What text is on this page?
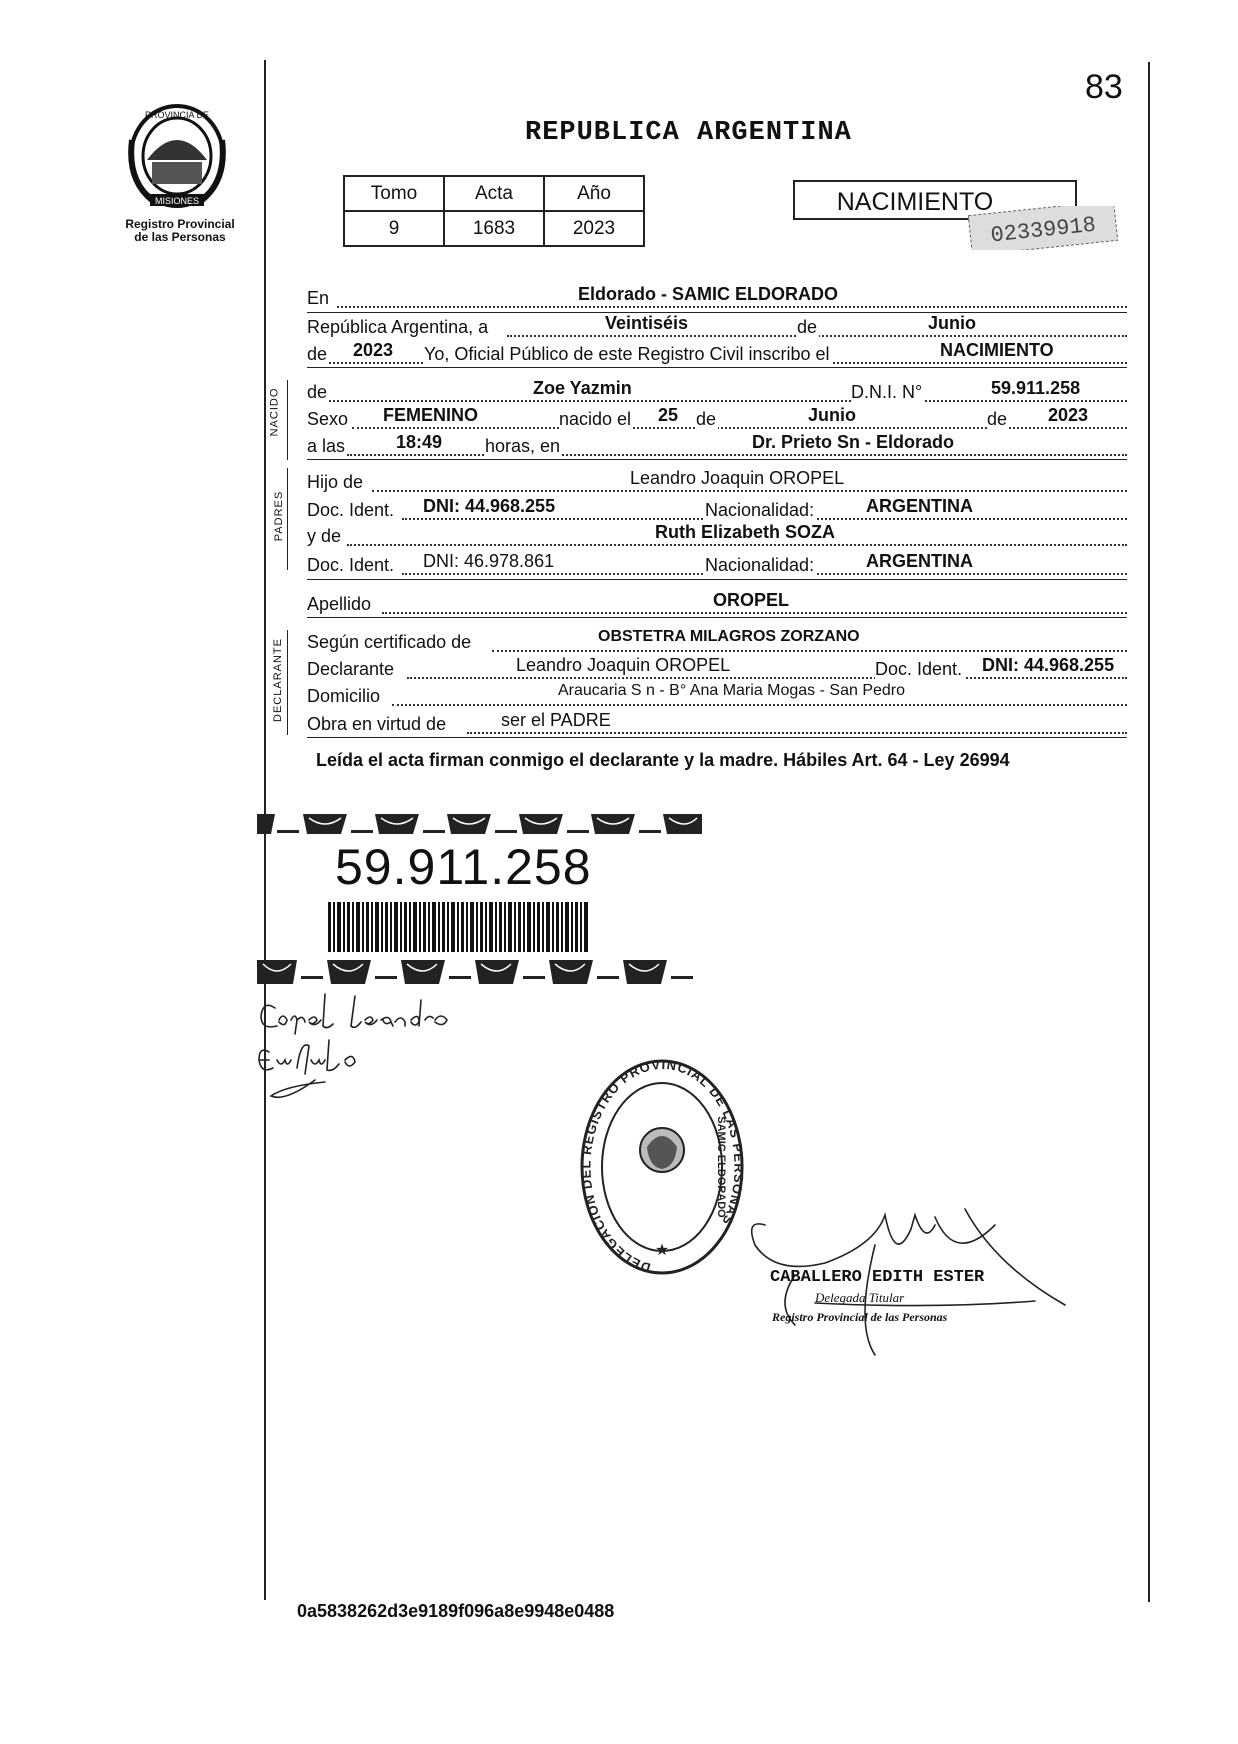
83
REPUBLICA ARGENTINA
PROVINCIA DE
MISIONES
Registro Provincial
de las Personas
Tomo	Acta	Año
9	1683	2023
NACIMIENTO
02339918
NACIDO
PADRES
DECLARANTE
En	Eldorado - SAMIC ELDORADO
República Argentina, a	Veintiséis	de	Junio
de 2023 Yo, Oficial Público de este Registro Civil inscribo el	NACIMIENTO
de	Zoe Yazmin	D.N.I. N°	59.911.258
Sexo FEMENINO	nacido el 25 de	Junio	de 2023
a las	18:49 horas, en	Dr. Prieto Sn - Eldorado
Hijo de	Leandro Joaquin OROPEL
Doc. Ident. DNI: 44.968.255	Nacionalidad:	ARGENTINA
y de	Ruth Elizabeth SOZA
Doc. Ident. DNI: 46.978.861	Nacionalidad:	ARGENTINA
Apellido	OROPEL
Según certificado de	OBSTETRA MILAGROS ZORZANO
Declarante	Leandro Joaquin OROPEL	Doc. Ident. DNI: 44.968.255
Domicilio	Araucaria S n - B° Ana Maria Mogas - San Pedro
Obra en virtud de	ser el PADRE
Leída el acta firman conmigo el declarante y la madre. Hábiles Art. 64 - Ley 26994
59.911.258
DELEGACION DEL REGISTRO PROVINCIAL DE LAS PERSONAS
SAMIC ELDORADO
★
CABALLERO EDITH ESTER
Delegada Titular
Registro Provincial de las Personas
0a5838262d3e9189f096a8e9948e0488
